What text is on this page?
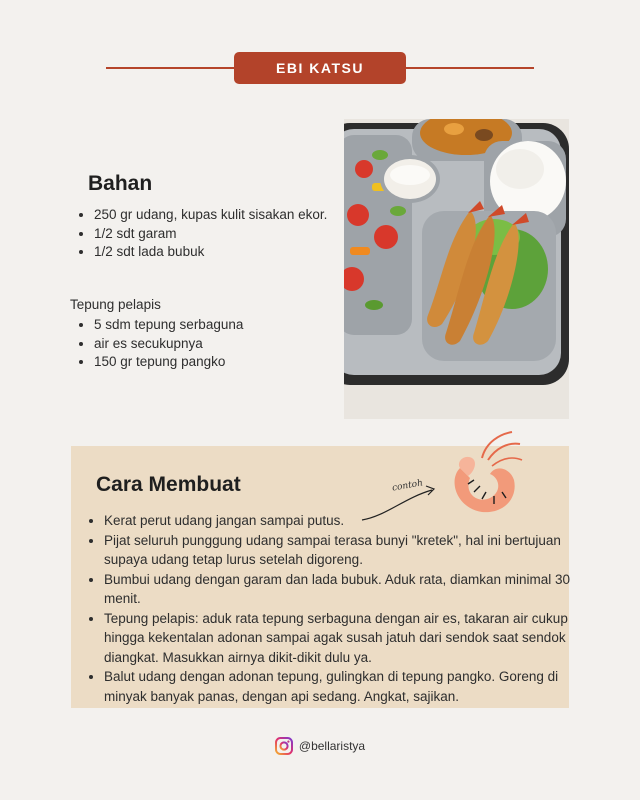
EBI KATSU
Bahan
• 250 gr udang, kupas kulit sisakan ekor.
• 1/2 sdt garam
• 1/2 sdt lada bubuk
Tepung pelapis
• 5 sdm tepung serbaguna
• air es secukupnya
• 150 gr tepung pangko
Cara Membuat	contoh
• Kerat perut udang jangan sampai putus.
• Pijat seluruh punggung udang sampai terasa bunyi "kretek", hal ini bertujuan supaya udang tetap lurus setelah digoreng.
• Bumbui udang dengan garam dan lada bubuk. Aduk rata, diamkan minimal 30 menit.
• Tepung pelapis: aduk rata tepung serbaguna dengan air es, takaran air cukup hingga kekentalan adonan sampai agak susah jatuh dari sendok saat sendok diangkat. Masukkan airnya dikit-dikit dulu ya.
• Balut udang dengan adonan tepung, gulingkan di tepung pangko. Goreng di minyak banyak panas, dengan api sedang. Angkat, sajikan.
@bellaristya
